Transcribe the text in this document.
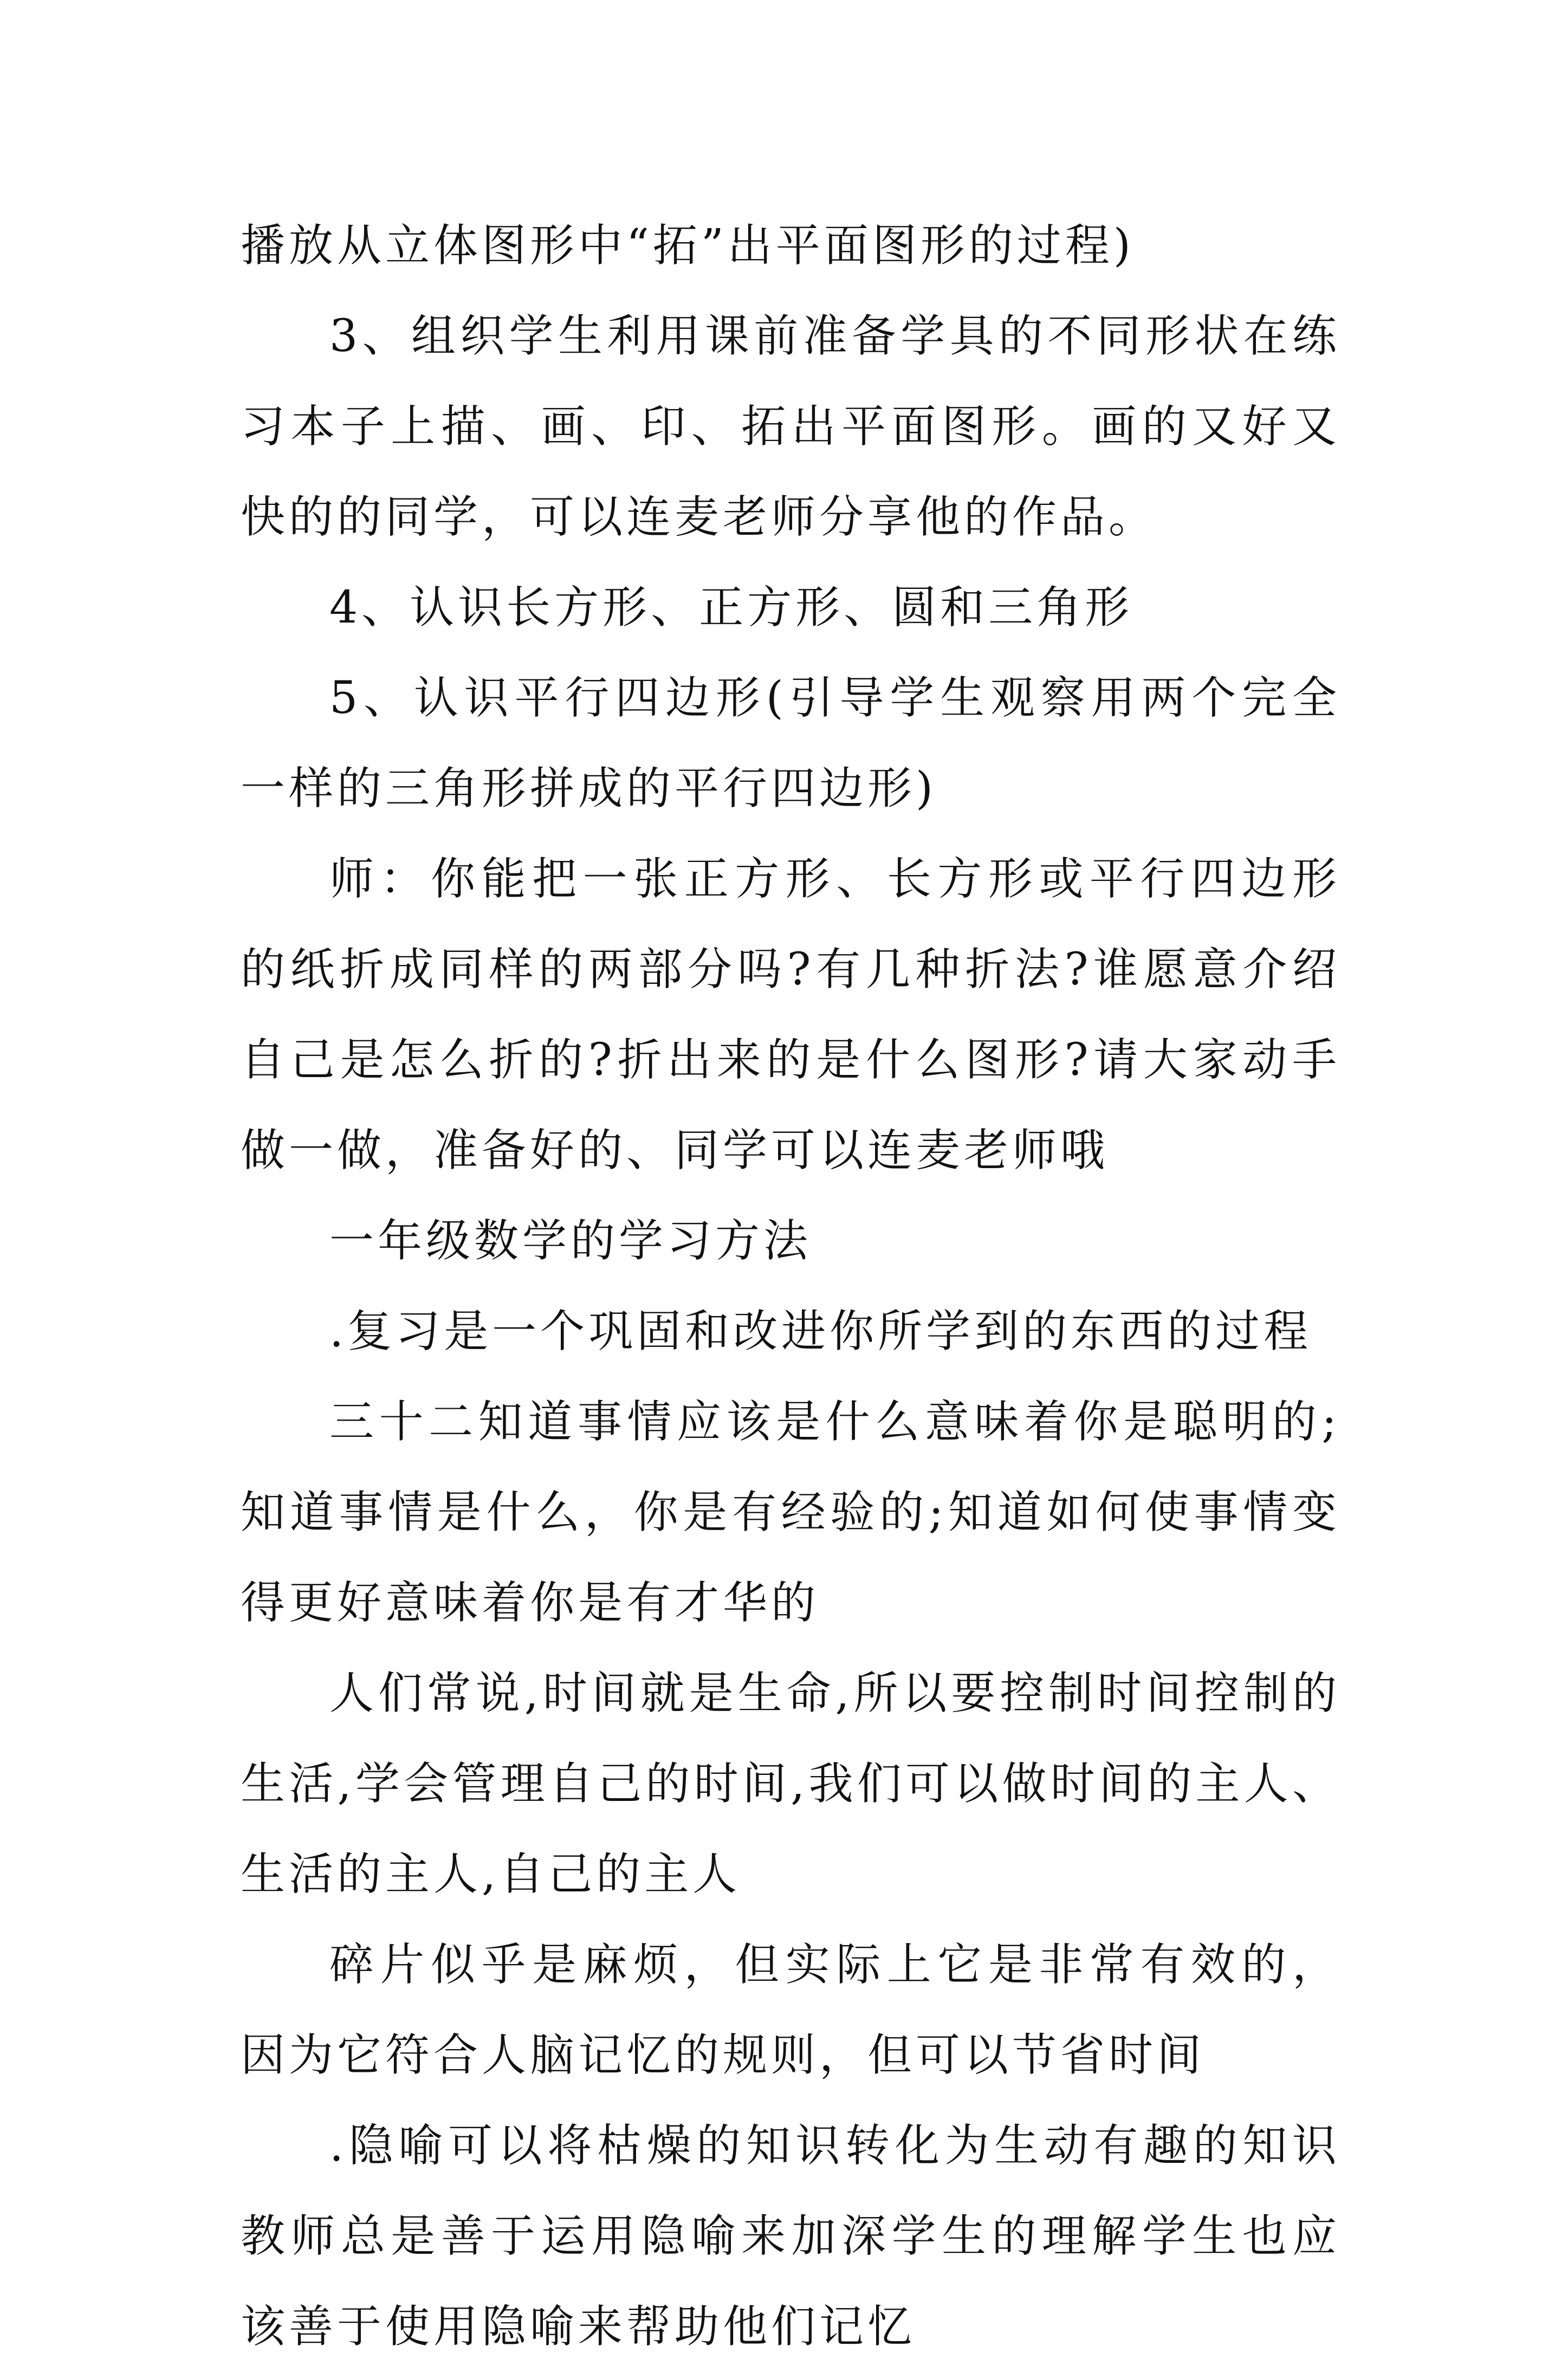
播放从立体图形中“拓”出平面图形的过程)

3、组织学生利用课前准备学具的不同形状在练习本子上描、画、印、拓出平面图形。画的又好又快的的同学，可以连麦老师分享他的作品。

4、认识长方形、正方形、圆和三角形

5、认识平行四边形(引导学生观察用两个完全一样的三角形拼成的平行四边形)

师：你能把一张正方形、长方形或平行四边形的纸折成同样的两部分吗?有几种折法?谁愿意介绍自己是怎么折的?折出来的是什么图形?请大家动手做一做，准备好的、同学可以连麦老师哦

一年级数学的学习方法

.复习是一个巩固和改进你所学到的东西的过程

三十二知道事情应该是什么意味着你是聪明的;知道事情是什么，你是有经验的;知道如何使事情变得更好意味着你是有才华的

人们常说,时间就是生命,所以要控制时间控制的生活,学会管理自己的时间,我们可以做时间的主人、生活的主人,自己的主人

碎片似乎是麻烦，但实际上它是非常有效的，因为它符合人脑记忆的规则，但可以节省时间

.隐喻可以将枯燥的知识转化为生动有趣的知识教师总是善于运用隐喻来加深学生的理解学生也应该善于使用隐喻来帮助他们记忆
